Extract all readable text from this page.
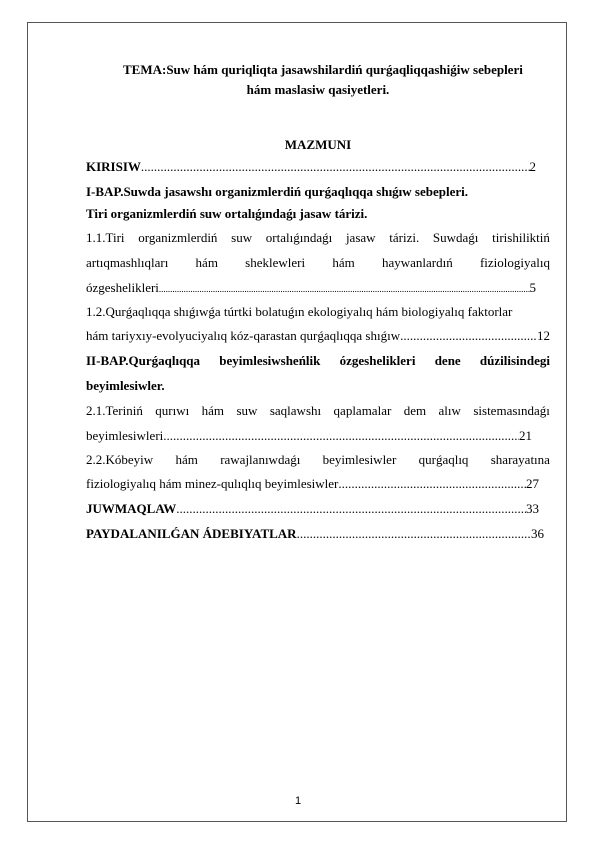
TEMA:Suw hám quriqliqta jasawshilardiń qurǵaqliqqashiǵiw sebepleri
hám maslasiw qasiyetleri.
MAZMUNI
KIRISIW .....	2
I-BAP.Suwda jasawshı organizmlerdiń qurǵaqlıqqa shıǵıw sebepleri.
Tiri organizmlerdiń suw ortalıǵındaǵı jasaw tárizi.
1.1.Tiri organizmlerdiń suw ortalıǵındaǵı jasaw tárizi. Suwdaǵı tirishiliktiń
artıqmashlıqları hám sheklewleri hám haywanlardıń fiziologiyalıq
ózgeshelikleri .....	5
1.2.Qurǵaqlıqqa shıǵıwǵa túrtki bolatuǵın ekologiyalıq hám biologiyalıq faktorlar
hám tariyxıy-evolyuciyalıq kóz-qarastan qurǵaqlıqqa shıǵıw .....	12
II-BAP.Qurǵaqlıqqa beyimlesiwsheńlik ózgeshelikleri dene dúzilisindegi
beyimlesiwler.
2.1.Teriniń qurıwı hám suw saqlawshı qaplamalar dem alıw sistemasındaǵı
beyimlesiwleri .....	21
2.2.Kóbeyiw hám rawajlanıwdaǵı beyimlesiwler qurǵaqlıq sharayatına
fiziologiyalıq hám minez-qulıqlıq beyimlesiwler .....	27
JUWMAQLAW .....	33
PAYDALANILǴAN ÁDEBIYATLAR .....	36
1
